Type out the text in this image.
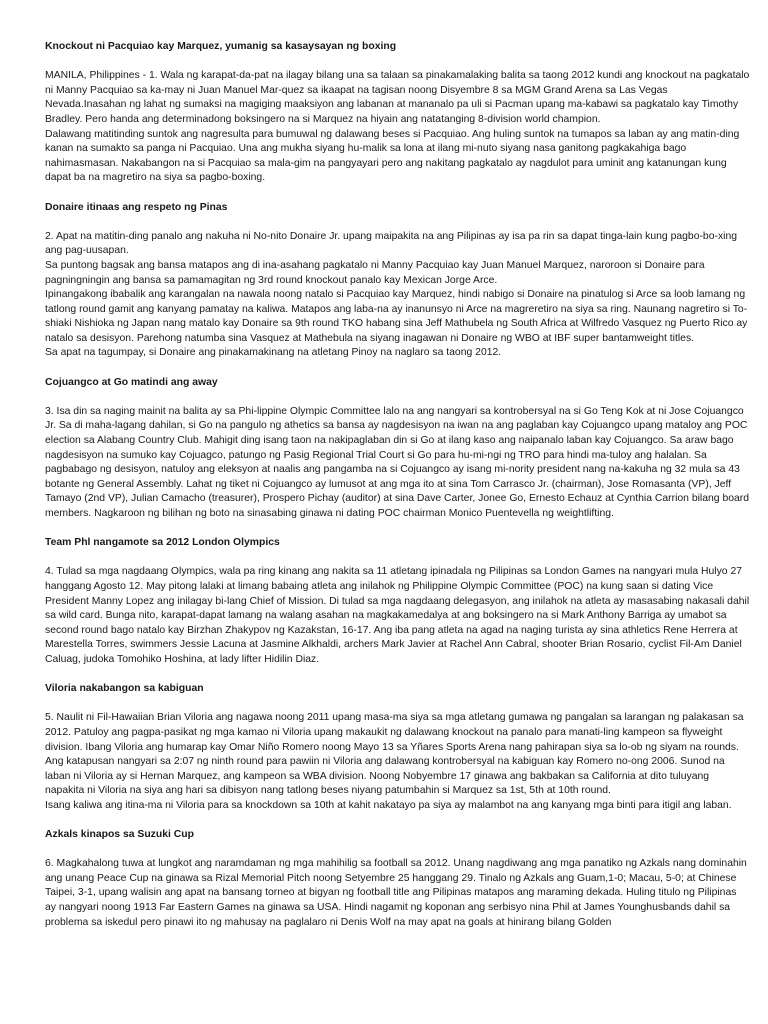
Knockout ni Pacquiao kay Marquez, yumanig sa kasaysayan ng boxing

MANILA, Philippines - 1. Wala ng karapat-da-pat na ilagay bilang una sa talaan sa pinakamalaking balita sa taong 2012 kundi ang knockout na pagkatalo ni Manny Pacquiao sa ka-may ni Juan Manuel Mar-quez sa ikaapat na tagisan noong Disyembre 8 sa MGM Grand Arena sa Las Vegas Nevada.Inasahan ng lahat ng sumaksi na magiging maaksiyon ang labanan at mananalo pa uli si Pacman upang ma-kabawi sa pagkatalo kay Timothy Bradley. Pero handa ang determinadong boksingero na si Marquez na hiyain ang natatanging 8-division world champion.

Dalawang matitinding suntok ang nagresulta para bumuwal ng dalawang beses si Pacquiao. Ang huling suntok na tumapos sa laban ay ang matin-ding kanan na sumakto sa panga ni Pacquiao. Una ang mukha siyang hu-malik sa lona at ilang mi-nuto siyang nasa ganitong pagkakahiga bago nahimasmasan. Nakabangon na si Pacquiao sa mala-gim na pangyayari pero ang nakitang pagkatalo ay nagdulot para uminit ang katanungan kung dapat ba na magretiro na siya sa pagbo-boxing.

Donaire itinaas ang respeto ng Pinas

2. Apat na matitin-ding panalo ang nakuha ni No-nito Donaire Jr. upang maipakita na ang Pilipinas ay isa pa rin sa dapat tinga-lain kung pagbo-bo-xing ang pag-uusapan.

Sa puntong bagsak ang bansa matapos ang di ina-asahang pagkatalo ni Manny Pacquiao kay Juan Manuel Marquez, naroroon si Donaire para pagningningin ang bansa sa pamamagitan ng 3rd round knockout panalo kay Mexican Jorge Arce.

Ipinangakong ibabalik ang karangalan na nawala noong natalo si Pacquiao kay Marquez, hindi nabigo si Donaire na pinatulog si Arce sa loob lamang ng tatlong round gamit ang kanyang pamatay na kaliwa. Matapos ang laba-na ay inanunsyo ni Arce na magreretiro na siya sa ring. Naunang nagretiro si To-shiaki Nishioka ng Japan nang matalo kay Donaire sa 9th round TKO habang sina Jeff Mathubela ng South Africa at Wilfredo Vasquez ng Puerto Rico ay natalo sa desisyon. Parehong natumba sina Vasquez at Mathebula na siyang inagawan ni Donaire ng WBO at IBF super bantamweight titles.

Sa apat na tagumpay, si Donaire ang pinakamakinang na atletang Pinoy na naglaro sa taong 2012.

Cojuangco at Go matindi ang away

3. Isa din sa naging mainit na balita ay sa Phi-lippine Olympic Committee lalo na ang nangyari sa kontrobersyal na si Go Teng Kok at ni Jose Cojuangco Jr. Sa di maha-lagang dahilan, si Go na pangulo ng athetics sa bansa ay nagdesisyon na iwan na ang paglaban kay Cojuangco upang mataloy ang POC election sa Alabang Country Club. Mahigit ding isang taon na nakipaglaban din si Go at ilang kaso ang naipanalo laban kay Cojuangco. Sa araw bago nagdesisyon na sumuko kay Cojuagco, patungo ng Pasig Regional Trial Court si Go para hu-mi-ngi ng TRO para hindi ma-tuloy ang halalan. Sa pagbabago ng desisyon, natuloy ang eleksyon at naalis ang pangamba na si Cojuangco ay isang mi-nority president nang na-kakuha ng 32 mula sa 43 botante ng General Assembly. Lahat ng tiket ni Cojuangco ay lumusot at ang mga ito at sina Tom Carrasco Jr. (chairman), Jose Romasanta (VP), Jeff Tamayo (2nd VP), Julian Camacho (treasurer), Prospero Pichay (auditor) at sina Dave Carter, Jonee Go, Ernesto Echauz at Cynthia Carrion bilang board members. Nagkaroon ng bilihan ng boto na sinasabing ginawa ni dating POC chairman Monico Puentevella ng weightlifting.

Team Phl nangamote sa 2012 London Olympics

4. Tulad sa mga nagdaang Olympics, wala pa ring kinang ang nakita sa 11 atletang ipinadala ng Pilipinas sa London Games na nangyari mula Hulyo 27 hanggang Agosto 12. May pitong lalaki at limang babaing atleta ang inilahok ng Philippine Olympic Committee (POC) na kung saan si dating Vice President Manny Lopez ang inilagay bi-lang Chief of Mission. Di tulad sa mga nagdaang delegasyon, ang inilahok na atleta ay masasabing nakasali dahil sa wild card. Bunga nito, karapat-dapat lamang na walang asahan na magkakamedalya at ang boksingero na si Mark Anthony Barriga ay umabot sa second round bago natalo kay Birzhan Zhakypov ng Kazakstan, 16-17. Ang iba pang atleta na agad na naging turista ay sina athletics Rene Herrera at Marestella Torres, swimmers Jessie Lacuna at Jasmine Alkhaldi, archers Mark Javier at Rachel Ann Cabral, shooter Brian Rosario, cyclist Fil-Am Daniel Caluag, judoka Tomohiko Hoshina, at lady lifter Hidilin Diaz.

Viloria nakabangon sa kabiguan

5. Naulit ni Fil-Hawaiian Brian Viloria ang nagawa noong 2011 upang masa-ma siya sa mga atletang gumawa ng pangalan sa larangan ng palakasan sa 2012. Patuloy ang pagpa-pasikat ng mga kamao ni Viloria upang makaukit ng dalawang knockout na panalo para manati-ling kampeon sa flyweight division. Ibang Viloria ang humarap kay Omar Niño Romero noong Mayo 13 sa Yñares Sports Arena nang pahirapan siya sa lo-ob ng siyam na rounds.

Ang katapusan nangyari sa 2:07 ng ninth round para pawiin ni Viloria ang dalawang kontrobersyal na kabiguan kay Romero no-ong 2006. Sunod na laban ni Viloria ay si Hernan Marquez, ang kampeon sa WBA division. Noong Nobyembre 17 ginawa ang bakbakan sa California at dito tuluyang napakita ni Viloria na siya ang hari sa dibisyon nang tatlong beses niyang patumbahin si Marquez sa 1st, 5th at 10th round.

Isang kaliwa ang itina-ma ni Viloria para sa knockdown sa 10th at kahit nakatayo pa siya ay malambot na ang kanyang mga binti para itigil ang laban.

Azkals kinapos sa Suzuki Cup

6. Magkahalong tuwa at lungkot ang naramdaman ng mga mahihilig sa football sa 2012. Unang nagdiwang ang mga panatiko ng Azkals nang dominahin ang unang Peace Cup na ginawa sa Rizal Memorial Pitch noong Setyembre 25 hanggang 29. Tinalo ng Azkals ang Guam,1-0; Macau, 5-0; at Chinese Taipei, 3-1, upang walisin ang apat na bansang torneo at bigyan ng football title ang Pilipinas matapos ang maraming dekada. Huling titulo ng Pilipinas ay nangyari noong 1913 Far Eastern Games na ginawa sa USA. Hindi nagamit ng koponan ang serbisyo nina Phil at James Younghusbands dahil sa problema sa iskedul pero pinawi ito ng mahusay na paglalaro ni Denis Wolf na may apat na goals at hinirang bilang Golden
